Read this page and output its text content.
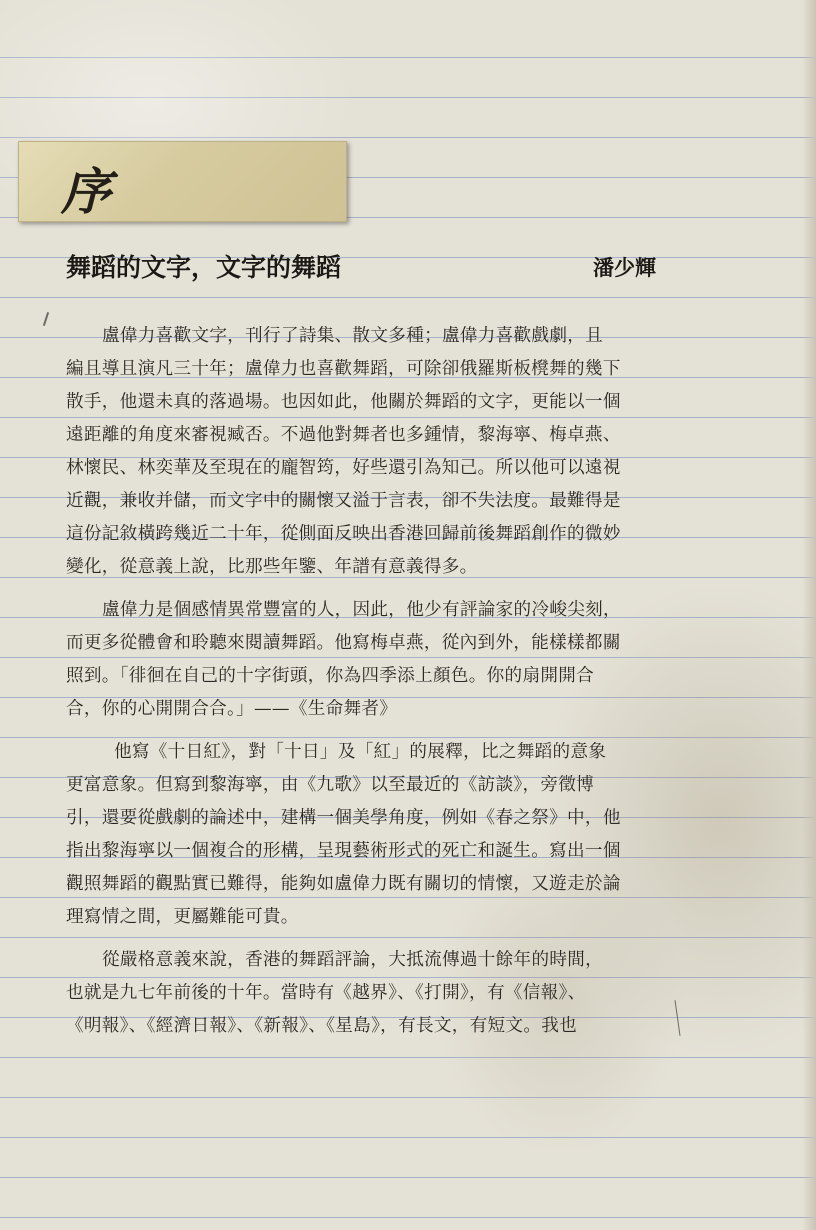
序
舞蹈的文字，文字的舞蹈	潘少輝
盧偉力喜歡文字，刊行了詩集、散文多種；盧偉力喜歡戲劇，且
編且導且演凡三十年；盧偉力也喜歡舞蹈，可除卻俄羅斯板櫈舞的幾下
散手，他還未真的落過場。也因如此，他關於舞蹈的文字，更能以一個
遠距離的角度來審視臧否。不過他對舞者也多鍾情，黎海寧、梅卓燕、
林懷民、林奕華及至現在的龐智筠，好些還引為知己。所以他可以遠視
近觀，兼收并儲，而文字中的關懷又溢于言表，卻不失法度。最難得是
這份記敘橫跨幾近二十年，從側面反映出香港回歸前後舞蹈創作的微妙
變化，從意義上說，比那些年鑒、年譜有意義得多。
盧偉力是個感情異常豐富的人，因此，他少有評論家的冷峻尖刻，
而更多從體會和聆聽來閱讀舞蹈。他寫梅卓燕，從內到外，能樣樣都關
照到。「徘徊在自己的十字街頭，你為四季添上顏色。你的扇開開合
合，你的心開開合合。」——《生命舞者》
他寫《十日紅》，對「十日」及「紅」的展釋，比之舞蹈的意象
更富意象。但寫到黎海寧，由《九歌》以至最近的《訪談》，旁徵博
引，還要從戲劇的論述中，建構一個美學角度，例如《春之祭》中，他
指出黎海寧以一個複合的形構，呈現藝術形式的死亡和誕生。寫出一個
觀照舞蹈的觀點實已難得，能夠如盧偉力既有關切的情懷，又遊走於論
理寫情之間，更屬難能可貴。
從嚴格意義來說，香港的舞蹈評論，大抵流傳過十餘年的時間，
也就是九七年前後的十年。當時有《越界》、《打開》，有《信報》、
《明報》、《經濟日報》、《新報》、《星島》，有長文，有短文。我也
